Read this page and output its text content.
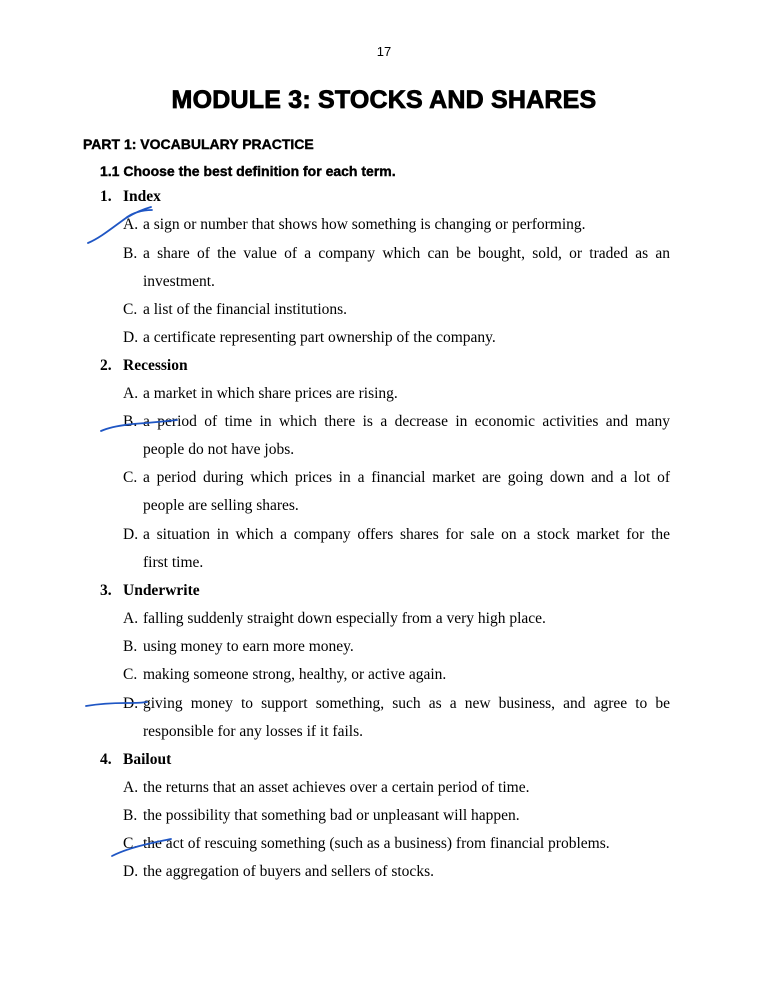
17
MODULE 3: STOCKS AND SHARES
PART 1: VOCABULARY PRACTICE
1.1 Choose the best definition for each term.
1. Index
A. a sign or number that shows how something is changing or performing.
B. a share of the value of a company which can be bought, sold, or traded as an
investment.
C. a list of the financial institutions.
D. a certificate representing part ownership of the company.
2. Recession
A. a market in which share prices are rising.
B. a period of time in which there is a decrease in economic activities and many
people do not have jobs.
C. a period during which prices in a financial market are going down and a lot of
people are selling shares.
D. a situation in which a company offers shares for sale on a stock market for the
first time.
3. Underwrite
A. falling suddenly straight down especially from a very high place.
B. using money to earn more money.
C. making someone strong, healthy, or active again.
D. giving money to support something, such as a new business, and agree to be
responsible for any losses if it fails.
4. Bailout
A. the returns that an asset achieves over a certain period of time.
B. the possibility that something bad or unpleasant will happen.
C. the act of rescuing something (such as a business) from financial problems.
D. the aggregation of buyers and sellers of stocks.
